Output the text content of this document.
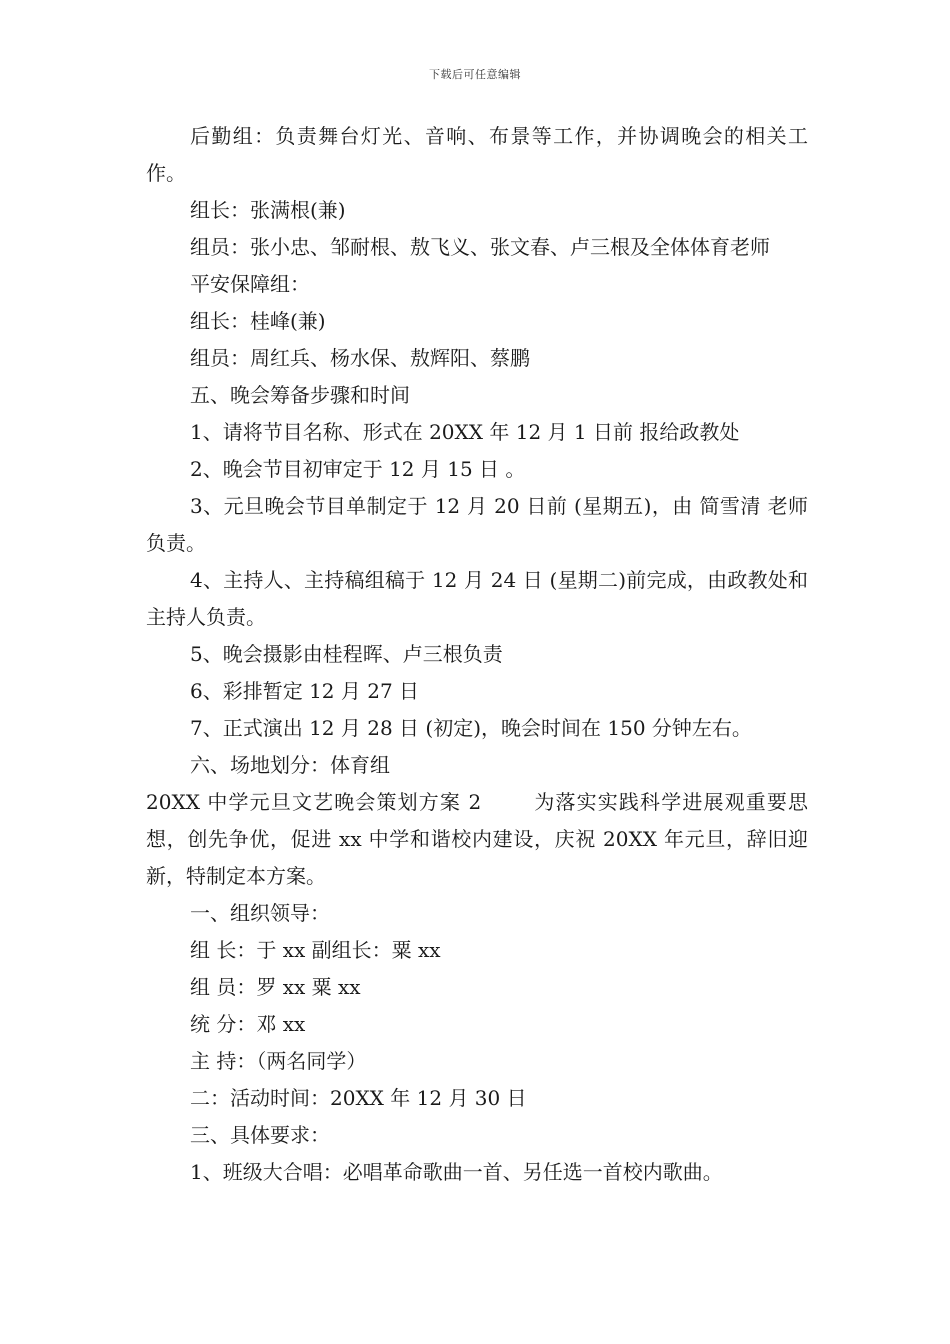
下载后可任意编辑

后勤组：负责舞台灯光、音响、布景等工作，并协调晚会的相关工作。

组长：张满根(兼)

组员：张小忠、邹耐根、敖飞义、张文春、卢三根及全体体育老师

平安保障组：

组长：桂峰(兼)

组员：周红兵、杨水保、敖辉阳、蔡鹏

五、晚会筹备步骤和时间

1、请将节目名称、形式在 20XX 年 12 月 1 日前 报给政教处

2、晚会节目初审定于 12 月 15 日 。

3、元旦晚会节目单制定于 12 月 20 日前 (星期五)，由 简雪清 老师负责。

4、主持人、主持稿组稿于 12 月 24 日 (星期二)前完成，由政教处和主持人负责。

5、晚会摄影由桂程晖、卢三根负责

6、彩排暂定 12 月 27 日

7、正式演出 12 月 28 日 (初定)，晚会时间在 150 分钟左右。

六、场地划分：体育组

20XX 中学元旦文艺晚会策划方案 2	为落实实践科学进展观重要思想，创先争优，促进 xx 中学和谐校内建设，庆祝 20XX 年元旦，辞旧迎新，特制定本方案。

一、组织领导：

组 长：于 xx 副组长：粟 xx

组 员：罗 xx 粟 xx

统 分：邓 xx

主 持：（两名同学）

二：活动时间：20XX 年 12 月 30 日

三、具体要求：

1、班级大合唱：必唱革命歌曲一首、另任选一首校内歌曲。
